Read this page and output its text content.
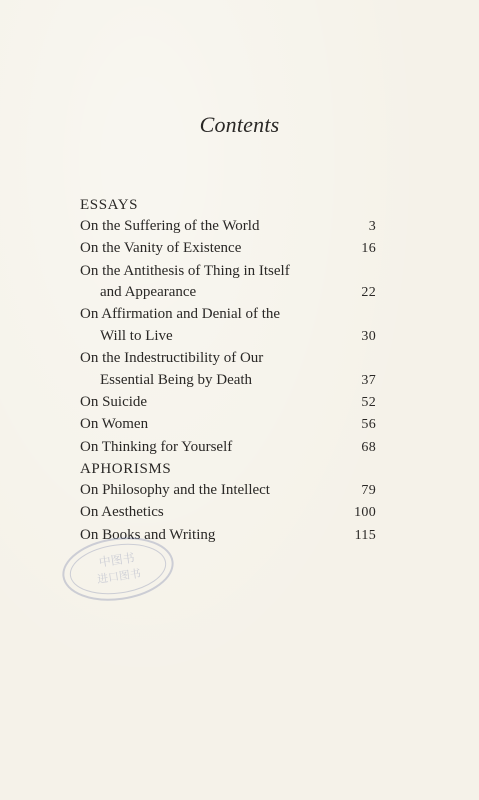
Contents
ESSAYS
On the Suffering of the World	3
On the Vanity of Existence	16
On the Antithesis of Thing in Itself
and Appearance	22
On Affirmation and Denial of the
Will to Live	30
On the Indestructibility of Our
Essential Being by Death	37
On Suicide	52
On Women	56
On Thinking for Yourself	68
APHORISMS
On Philosophy and the Intellect	79
On Aesthetics	100
On Books and Writing	115
中图书
进口图书
